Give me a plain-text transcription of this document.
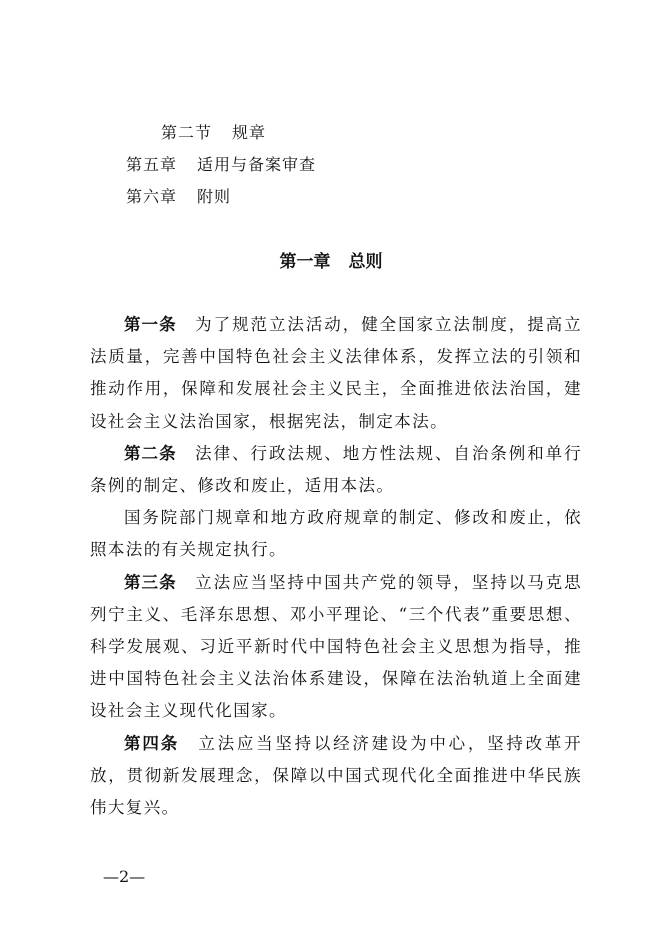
第二节 规章
第五章 适用与备案审查
第六章 附则
第一章 总则

第一条 为了规范立法活动，健全国家立法制度，提高立法质量，完善中国特色社会主义法律体系，发挥立法的引领和推动作用，保障和发展社会主义民主，全面推进依法治国，建设社会主义法治国家，根据宪法，制定本法。

第二条 法律、行政法规、地方性法规、自治条例和单行条例的制定、修改和废止，适用本法。

国务院部门规章和地方政府规章的制定、修改和废止，依照本法的有关规定执行。

第三条 立法应当坚持中国共产党的领导，坚持以马克思列宁主义、毛泽东思想、邓小平理论、“三个代表”重要思想、科学发展观、习近平新时代中国特色社会主义思想为指导，推进中国特色社会主义法治体系建设，保障在法治轨道上全面建设社会主义现代化国家。

第四条 立法应当坚持以经济建设为中心，坚持改革开放，贯彻新发展理念，保障以中国式现代化全面推进中华民族伟大复兴。

—2—
